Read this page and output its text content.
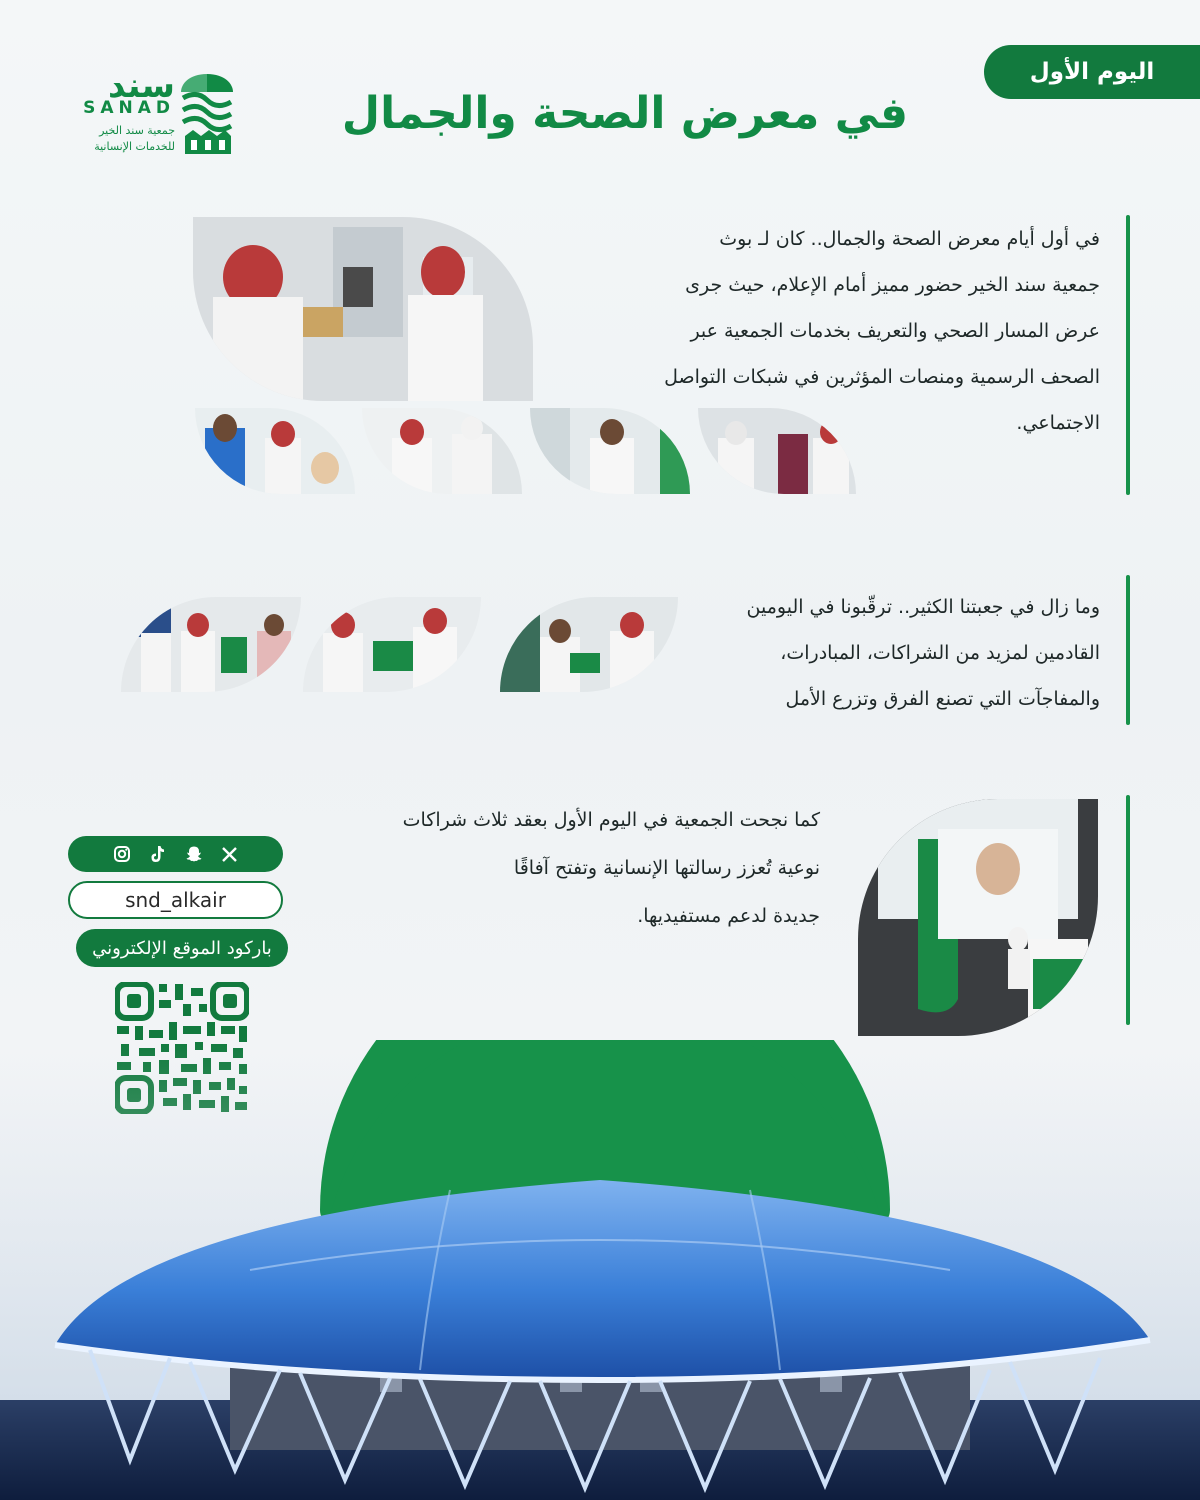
اليوم الأول
في معرض الصحة والجمال
سند
SANAD
جمعية سند الخير
للخدمات الإنسانية
في أول أيام معرض الصحة والجمال.. كان لـ بوث
جمعية سند الخير حضور مميز أمام الإعلام، حيث جرى
عرض المسار الصحي والتعريف بخدمات الجمعية عبر
الصحف الرسمية ومنصات المؤثرين في شبكات التواصل
الاجتماعي.
وما زال في جعبتنا الكثير.. ترقّبونا في اليومين
القادمين لمزيد من الشراكات، المبادرات،
والمفاجآت التي تصنع الفرق وتزرع الأمل
كما نجحت الجمعية في اليوم الأول بعقد ثلاث شراكات
نوعية تُعزز رسالتها الإنسانية وتفتح آفاقًا
جديدة لدعم مستفيديها.
snd_alkair
باركود الموقع الإلكتروني
